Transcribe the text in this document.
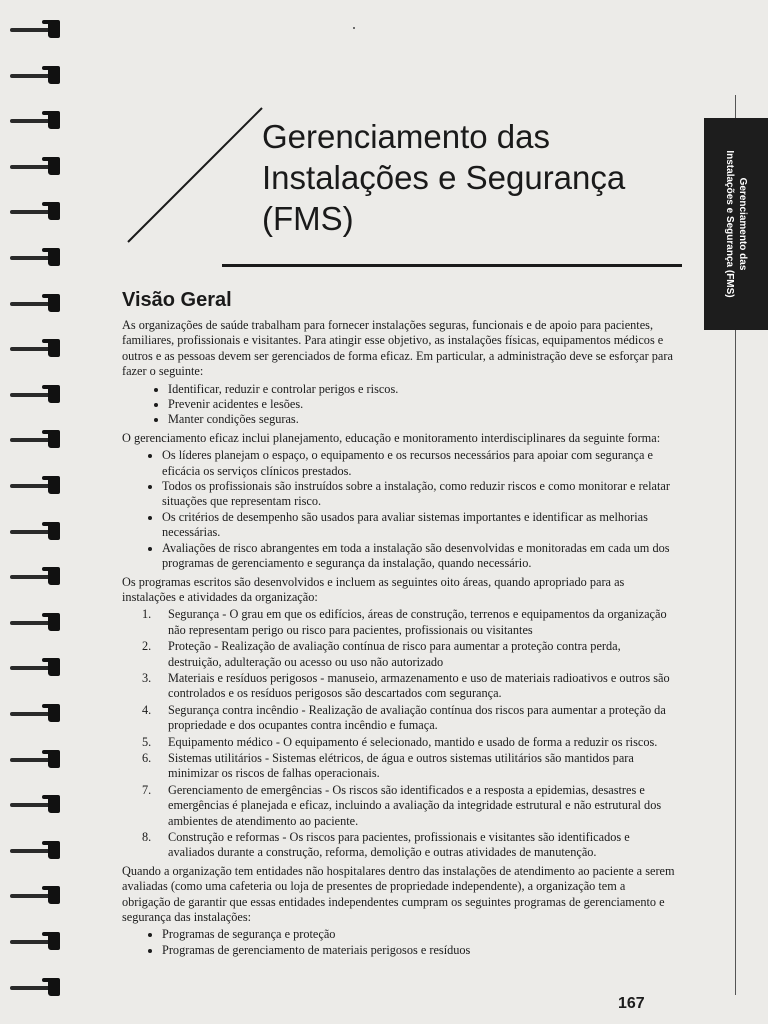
Gerenciamento das
Instalações e Segurança
(FMS)	Gerenciamento das
Instalações e Segurança (FMS)
Visão Geral

As organizações de saúde trabalham para fornecer instalações seguras, funcionais e de apoio para pacientes, familiares, profissionais e visitantes. Para atingir esse objetivo, as instalações físicas, equipamentos médicos e outros e as pessoas devem ser gerenciados de forma eficaz. Em particular, a administração deve se esforçar para fazer o seguinte:

• Identificar, reduzir e controlar perigos e riscos.
• Prevenir acidentes e lesões.
• Manter condições seguras.

O gerenciamento eficaz inclui planejamento, educação e monitoramento interdisciplinares da seguinte forma:

• Os líderes planejam o espaço, o equipamento e os recursos necessários para apoiar com segurança e eficácia os serviços clínicos prestados.
• Todos os profissionais são instruídos sobre a instalação, como reduzir riscos e como monitorar e relatar situações que representam risco.
• Os critérios de desempenho são usados para avaliar sistemas importantes e identificar as melhorias necessárias.
• Avaliações de risco abrangentes em toda a instalação são desenvolvidas e monitoradas em cada um dos programas de gerenciamento e segurança da instalação, quando necessário.

Os programas escritos são desenvolvidos e incluem as seguintes oito áreas, quando apropriado para as instalações e atividades da organização:

1. Segurança - O grau em que os edifícios, áreas de construção, terrenos e equipamentos da organização não representam perigo ou risco para pacientes, profissionais ou visitantes
2. Proteção - Realização de avaliação contínua de risco para aumentar a proteção contra perda, destruição, adulteração ou acesso ou uso não autorizado
3. Materiais e resíduos perigosos - manuseio, armazenamento e uso de materiais radioativos e outros são controlados e os resíduos perigosos são descartados com segurança.
4. Segurança contra incêndio - Realização de avaliação contínua dos riscos para aumentar a proteção da propriedade e dos ocupantes contra incêndio e fumaça.
5. Equipamento médico - O equipamento é selecionado, mantido e usado de forma a reduzir os riscos.
6. Sistemas utilitários - Sistemas elétricos, de água e outros sistemas utilitários são mantidos para minimizar os riscos de falhas operacionais.
7. Gerenciamento de emergências - Os riscos são identificados e a resposta a epidemias, desastres e emergências é planejada e eficaz, incluindo a avaliação da integridade estrutural e não estrutural dos ambientes de atendimento ao paciente.
8. Construção e reformas - Os riscos para pacientes, profissionais e visitantes são identificados e avaliados durante a construção, reforma, demolição e outras atividades de manutenção.

Quando a organização tem entidades não hospitalares dentro das instalações de atendimento ao paciente a serem avaliadas (como uma cafeteria ou loja de presentes de propriedade independente), a organização tem a obrigação de garantir que essas entidades independentes cumpram os seguintes programas de gerenciamento e segurança das instalações:

• Programas de segurança e proteção
• Programas de gerenciamento de materiais perigosos e resíduos
167
